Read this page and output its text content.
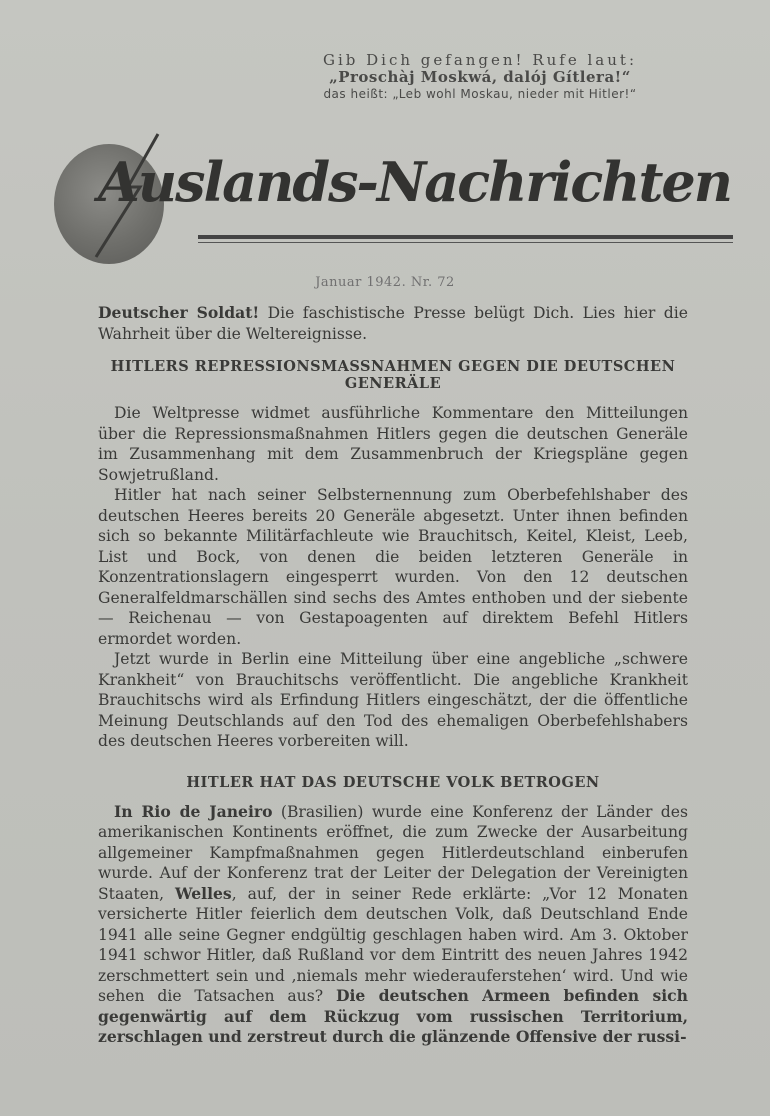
Gib Dich gefangen! Rufe laut:
„Proschàj Moskwá, dalój Gítlera!“
das heißt: „Leb wohl Moskau, nieder mit Hitler!“
Auslands-Nachrichten
Januar 1942. Nr. 72

Deutscher Soldat! Die faschistische Presse belügt Dich. Lies hier die Wahrheit über die Weltereignisse.

HITLERS REPRESSIONSMASSNAHMEN GEGEN DIE DEUTSCHEN GENERÄLE

Die Weltpresse widmet ausführliche Kommentare den Mitteilungen über die Repressionsmaßnahmen Hitlers gegen die deutschen Generäle im Zusammenhang mit dem Zusammenbruch der Kriegspläne gegen Sowjetrußland.

Hitler hat nach seiner Selbsternennung zum Oberbefehlshaber des deutschen Heeres bereits 20 Generäle abgesetzt. Unter ihnen befinden sich so bekannte Militärfachleute wie Brauchitsch, Keitel, Kleist, Leeb, List und Bock, von denen die beiden letzteren Generäle in Konzentrationslagern eingesperrt wurden. Von den 12 deutschen Generalfeldmarschällen sind sechs des Amtes enthoben und der siebente — Reichenau — von Gestapoagenten auf direktem Befehl Hitlers ermordet worden.

Jetzt wurde in Berlin eine Mitteilung über eine angebliche „schwere Krankheit“ von Brauchitschs veröffentlicht. Die angebliche Krankheit Brauchitschs wird als Erfindung Hitlers eingeschätzt, der die öffentliche Meinung Deutschlands auf den Tod des ehemaligen Oberbefehlshabers des deutschen Heeres vorbereiten will.

HITLER HAT DAS DEUTSCHE VOLK BETROGEN

In Rio de Janeiro (Brasilien) wurde eine Konferenz der Länder des amerikanischen Kontinents eröffnet, die zum Zwecke der Ausarbeitung allgemeiner Kampfmaßnahmen gegen Hitlerdeutschland einberufen wurde. Auf der Konferenz trat der Leiter der Delegation der Vereinigten Staaten, Welles, auf, der in seiner Rede erklärte: „Vor 12 Monaten versicherte Hitler feierlich dem deutschen Volk, daß Deutschland Ende 1941 alle seine Gegner endgültig geschlagen haben wird. Am 3. Oktober 1941 schwor Hitler, daß Rußland vor dem Eintritt des neuen Jahres 1942 zerschmettert sein und ‚niemals mehr wiederauferstehen‘ wird. Und wie sehen die Tatsachen aus? Die deutschen Armeen befinden sich gegenwärtig auf dem Rückzug vom russischen Territorium, zerschlagen und zerstreut durch die glänzende Offensive der russi-
